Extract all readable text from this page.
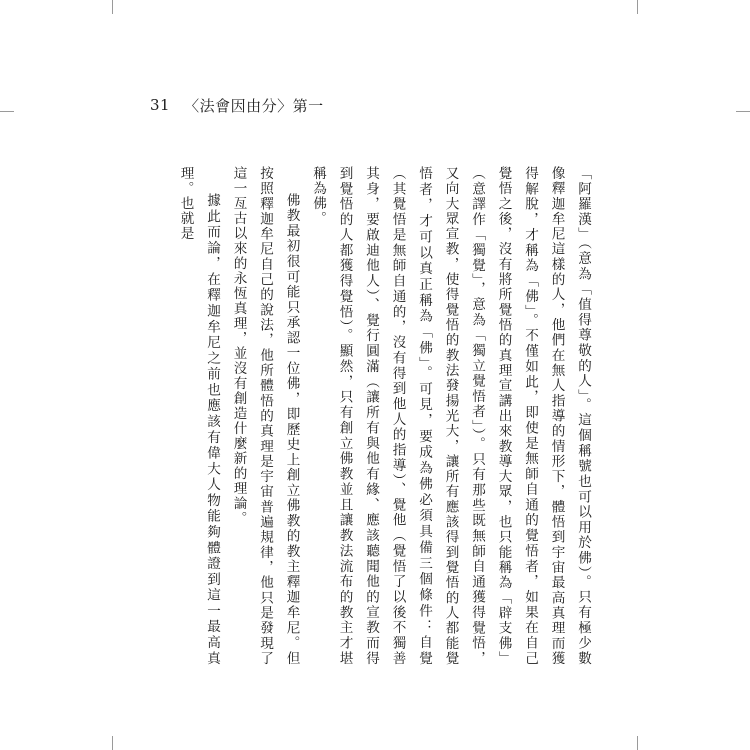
31 〈法會因由分〉第一

「阿羅漢」（意為「值得尊敬的人」。這個稱號也可以用於佛）。只有極少數像釋迦牟尼這樣的人，他們在無人指導的情形下，體悟到宇宙最高真理而獲得解脫，才稱為「佛」。不僅如此，即使是無師自通的覺悟者，如果在自己覺悟之後，沒有將所覺悟的真理宣講出來教導大眾，也只能稱為「辟支佛」（意譯作「獨覺」，意為「獨立覺悟者」）。只有那些既無師自通獲得覺悟，又向大眾宣教，使得覺悟的教法發揚光大，讓所有應該得到覺悟的人都能覺悟者，才可以真正稱為「佛」。可見，要成為佛必須具備三個條件：自覺（其覺悟是無師自通的，沒有得到他人的指導）、覺他（覺悟了以後不獨善其身，要啟迪他人）、覺行圓滿（讓所有與他有緣、應該聽聞他的宣教而得到覺悟的人都獲得覺悟）。顯然，只有創立佛教並且讓教法流布的教主才堪稱為佛。

佛教最初很可能只承認一位佛，即歷史上創立佛教的教主釋迦牟尼。但按照釋迦牟尼自己的說法，他所體悟的真理是宇宙普遍規律，他只是發現了這一亙古以來的永恆真理，並沒有創造什麼新的理論。

據此而論，在釋迦牟尼之前也應該有偉大人物能夠體證到這一最高真理。也就是
